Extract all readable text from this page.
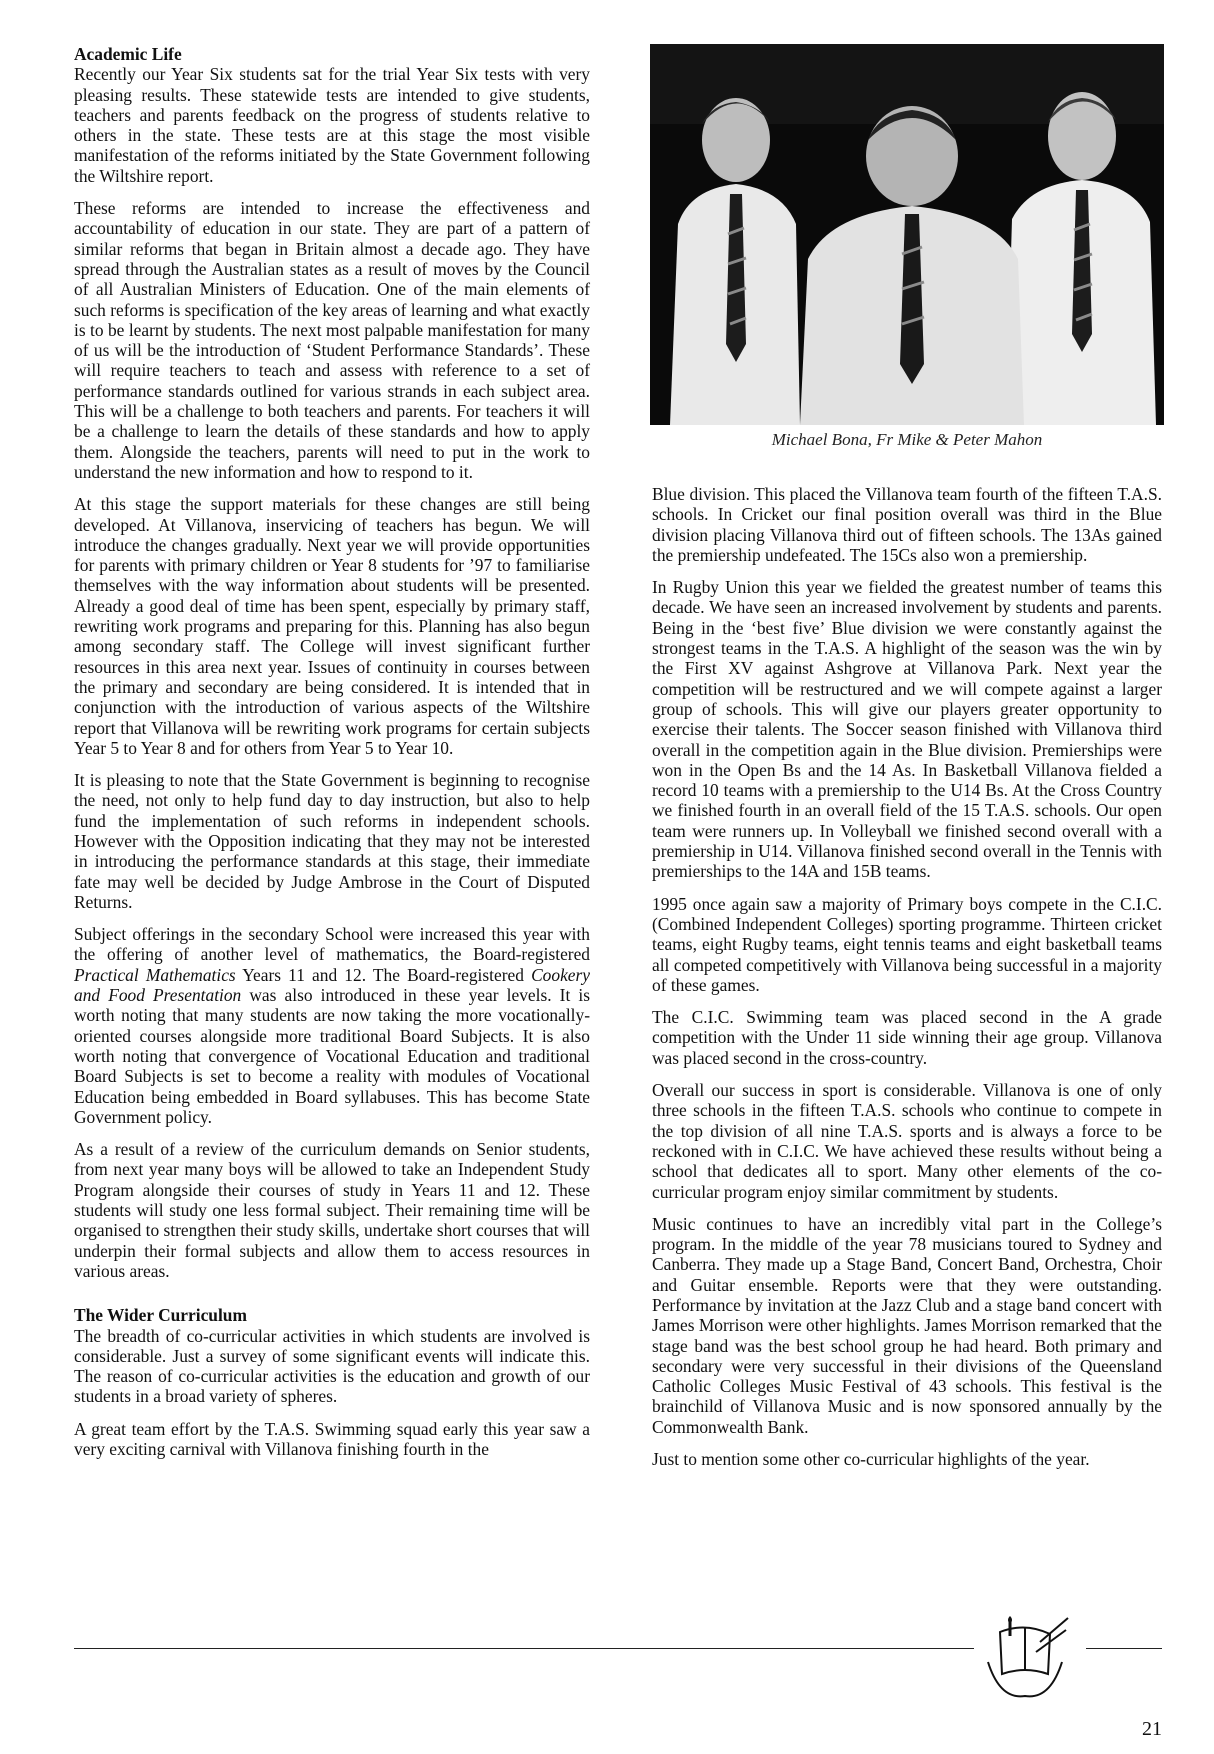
Academic Life

Recently our Year Six students sat for the trial Year Six tests with very pleasing results. These statewide tests are intended to give students, teachers and parents feedback on the progress of students relative to others in the state. These tests are at this stage the most visible manifestation of the reforms initiated by the State Government following the Wiltshire report.

These reforms are intended to increase the effectiveness and accountability of education in our state. They are part of a pattern of similar reforms that began in Britain almost a decade ago. They have spread through the Australian states as a result of moves by the Council of all Australian Ministers of Education. One of the main elements of such reforms is specification of the key areas of learning and what exactly is to be learnt by students. The next most palpable manifestation for many of us will be the introduction of ‘Student Performance Standards’. These will require teachers to teach and assess with reference to a set of performance standards outlined for various strands in each subject area. This will be a challenge to both teachers and parents. For teachers it will be a challenge to learn the details of these standards and how to apply them. Alongside the teachers, parents will need to put in the work to understand the new information and how to respond to it.

At this stage the support materials for these changes are still being developed. At Villanova, inservicing of teachers has begun. We will introduce the changes gradually. Next year we will provide opportunities for parents with primary children or Year 8 students for ’97 to familiarise themselves with the way information about students will be presented. Already a good deal of time has been spent, especially by primary staff, rewriting work programs and preparing for this. Planning has also begun among secondary staff. The College will invest significant further resources in this area next year. Issues of continuity in courses between the primary and secondary are being considered. It is intended that in conjunction with the introduction of various aspects of the Wiltshire report that Villanova will be rewriting work programs for certain subjects Year 5 to Year 8 and for others from Year 5 to Year 10.

It is pleasing to note that the State Government is beginning to recognise the need, not only to help fund day to day instruction, but also to help fund the implementation of such reforms in independent schools. However with the Opposition indicating that they may not be interested in introducing the performance standards at this stage, their immediate fate may well be decided by Judge Ambrose in the Court of Disputed Returns.

Subject offerings in the secondary School were increased this year with the offering of another level of mathematics, the Board-registered Practical Mathematics Years 11 and 12. The Board-registered Cookery and Food Presentation was also introduced in these year levels. It is worth noting that many students are now taking the more vocationally-oriented courses alongside more traditional Board Subjects. It is also worth noting that convergence of Vocational Education and traditional Board Subjects is set to become a reality with modules of Vocational Education being embedded in Board syllabuses. This has become State Government policy.

As a result of a review of the curriculum demands on Senior students, from next year many boys will be allowed to take an Independent Study Program alongside their courses of study in Years 11 and 12. These students will study one less formal subject. Their remaining time will be organised to strengthen their study skills, undertake short courses that will underpin their formal subjects and allow them to access resources in various areas.

The Wider Curriculum

The breadth of co-curricular activities in which students are involved is considerable. Just a survey of some significant events will indicate this. The reason of co-curricular activities is the education and growth of our students in a broad variety of spheres.

A great team effort by the T.A.S. Swimming squad early this year saw a very exciting carnival with Villanova finishing fourth in the

Michael Bona, Fr Mike & Peter Mahon

Blue division. This placed the Villanova team fourth of the fifteen T.A.S. schools. In Cricket our final position overall was third in the Blue division placing Villanova third out of fifteen schools. The 13As gained the premiership undefeated. The 15Cs also won a premiership.

In Rugby Union this year we fielded the greatest number of teams this decade. We have seen an increased involvement by students and parents. Being in the ‘best five’ Blue division we were constantly against the strongest teams in the T.A.S. A highlight of the season was the win by the First XV against Ashgrove at Villanova Park. Next year the competition will be restructured and we will compete against a larger group of schools. This will give our players greater opportunity to exercise their talents. The Soccer season finished with Villanova third overall in the competition again in the Blue division. Premierships were won in the Open Bs and the 14 As. In Basketball Villanova fielded a record 10 teams with a premiership to the U14 Bs. At the Cross Country we finished fourth in an overall field of the 15 T.A.S. schools. Our open team were runners up. In Volleyball we finished second overall with a premiership in U14. Villanova finished second overall in the Tennis with premierships to the 14A and 15B teams.

1995 once again saw a majority of Primary boys compete in the C.I.C. (Combined Independent Colleges) sporting programme. Thirteen cricket teams, eight Rugby teams, eight tennis teams and eight basketball teams all competed competitively with Villanova being successful in a majority of these games.

The C.I.C. Swimming team was placed second in the A grade competition with the Under 11 side winning their age group. Villanova was placed second in the cross-country.

Overall our success in sport is considerable. Villanova is one of only three schools in the fifteen T.A.S. schools who continue to compete in the top division of all nine T.A.S. sports and is always a force to be reckoned with in C.I.C. We have achieved these results without being a school that dedicates all to sport. Many other elements of the co-curricular program enjoy similar commitment by students.

Music continues to have an incredibly vital part in the College’s program. In the middle of the year 78 musicians toured to Sydney and Canberra. They made up a Stage Band, Concert Band, Orchestra, Choir and Guitar ensemble. Reports were that they were outstanding. Performance by invitation at the Jazz Club and a stage band concert with James Morrison were other highlights. James Morrison remarked that the stage band was the best school group he had heard. Both primary and secondary were very successful in their divisions of the Queensland Catholic Colleges Music Festival of 43 schools. This festival is the brainchild of Villanova Music and is now sponsored annually by the Commonwealth Bank.

Just to mention some other co-curricular highlights of the year.

21
